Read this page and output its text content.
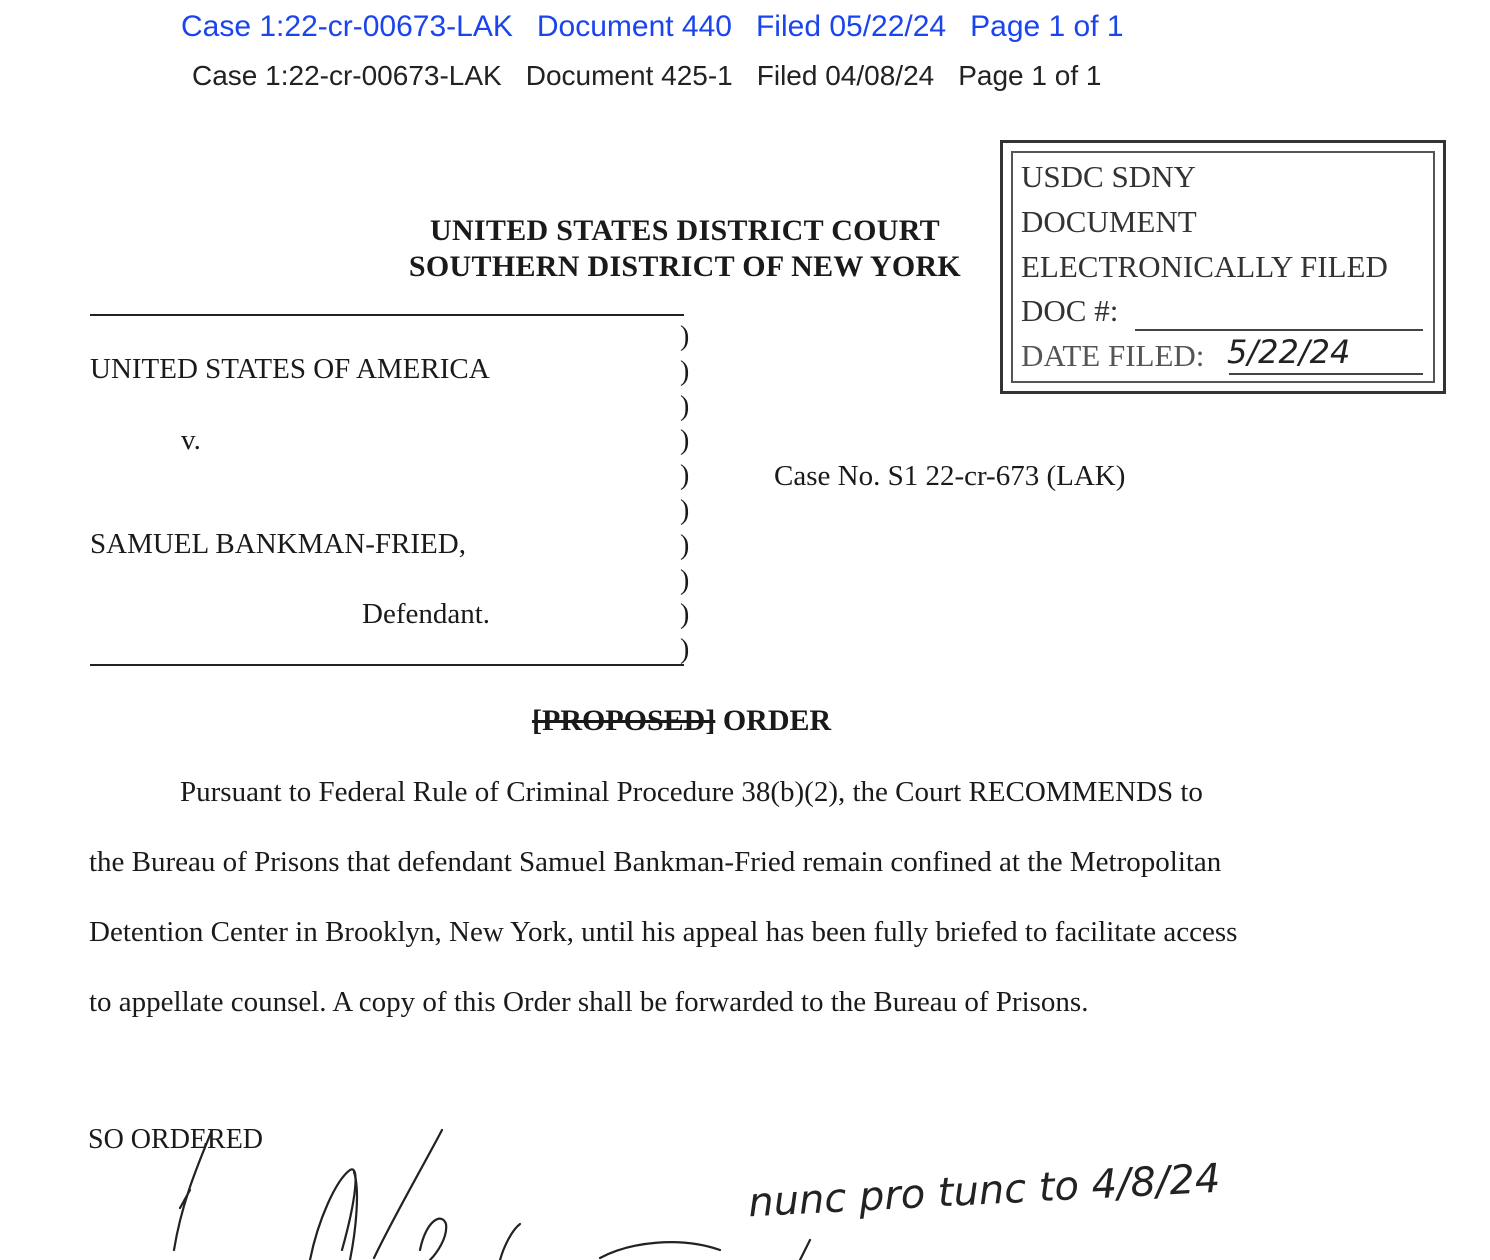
Case 1:22-cr-00673-LAK Document 440 Filed 05/22/24 Page 1 of 1
Case 1:22-cr-00673-LAK Document 425-1 Filed 04/08/24 Page 1 of 1
UNITED STATES DISTRICT COURT
SOUTHERN DISTRICT OF NEW YORK
USDC SDNY
DOCUMENT
ELECTRONICALLY FILED
DOC #:
DATE FILED: 5/22/24
)
)
)
)
)
)
)
)
)
)
UNITED STATES OF AMERICA
v.
SAMUEL BANKMAN-FRIED,
Defendant.
Case No. S1 22-cr-673 (LAK)
[PROPOSED] ORDER
Pursuant to Federal Rule of Criminal Procedure 38(b)(2), the Court RECOMMENDS to
the Bureau of Prisons that defendant Samuel Bankman-Fried remain confined at the Metropolitan
Detention Center in Brooklyn, New York, until his appeal has been fully briefed to facilitate access
to appellate counsel. A copy of this Order shall be forwarded to the Bureau of Prisons.
SO ORDERED
nunc pro tunc to 4/8/24
